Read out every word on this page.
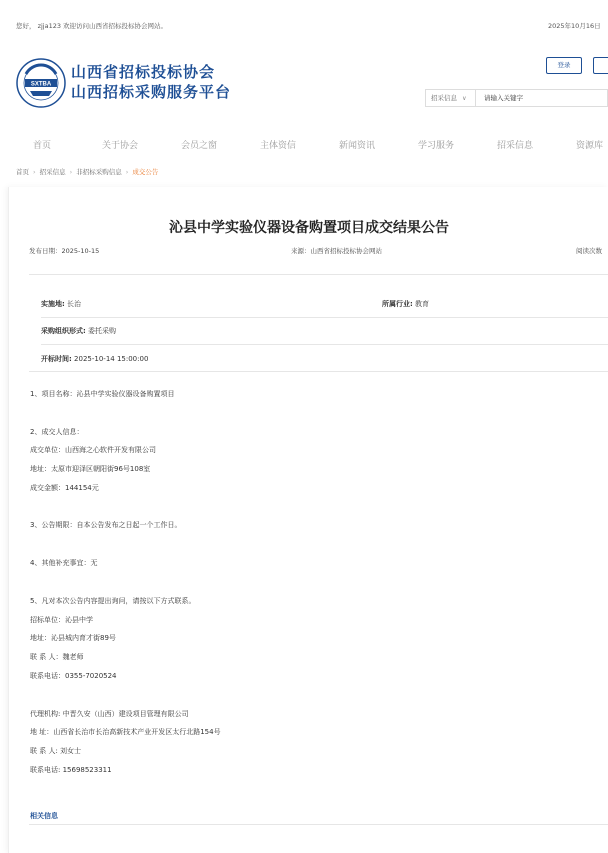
您好， zjja123 欢迎访问山西省招标投标协会网站。	2025年10月16日
SXTBA
山西省招标投标协会
山西招标采购服务平台
登录
招采信息 ∨	请输入关键字
首页	关于协会	会员之窗	主体资信	新闻资讯	学习服务	招采信息	资源库
首页 › 招采信息 › 非招标采购信息 › 成交公告
沁县中学实验仪器设备购置项目成交结果公告
发布日期：2025-10-15	来源：山西省招标投标协会网站	阅读次数
实施地: 长治	所属行业: 教育
采购组织形式: 委托采购
开标时间: 2025-10-14 15:00:00
1、项目名称：沁县中学实验仪器设备购置项目
2、成交人信息：
成交单位：山西海之心软件开发有限公司
地址：太原市迎泽区朝阳街96号108室
成交金额：144154元
3、公告期限：自本公告发布之日起一个工作日。
4、其他补充事宜：无
5、凡对本次公告内容提出询问，请按以下方式联系。
招标单位：沁县中学
地址：沁县城内育才街89号
联 系 人：魏老师
联系电话：0355-7020524
代理机构: 中晋久安（山西）建设项目管理有限公司
地 址：山西省长治市长治高新技术产业开发区太行北路154号
联 系 人: 刘女士
联系电话: 15698523311
相关信息
